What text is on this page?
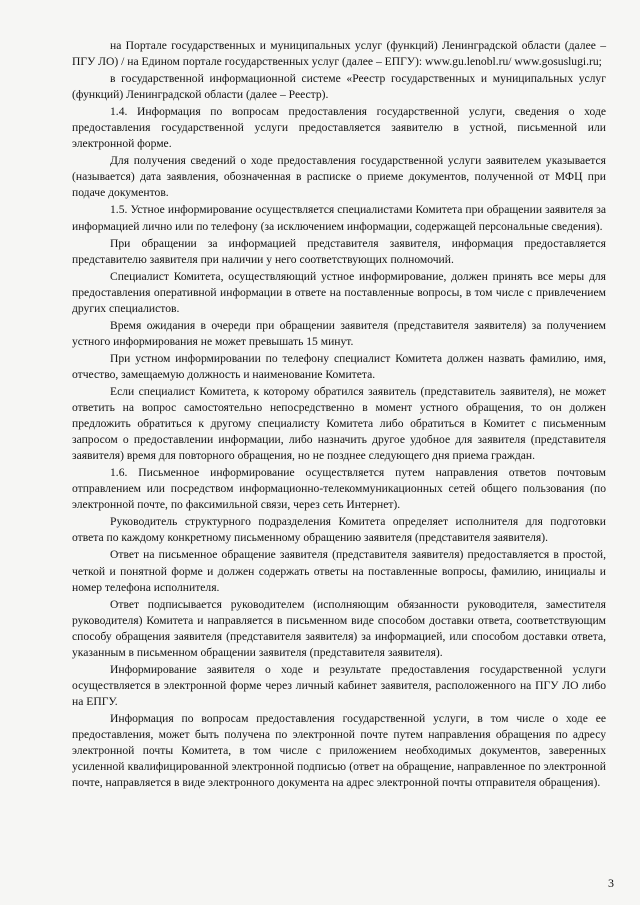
на Порталe государственных и муниципальных услуг (функций) Ленинградской области (далее – ПГУ ЛО) / на Едином портале государственных услуг (далее – ЕПГУ): www.gu.lenobl.ru/ www.gosuslugi.ru;

в государственной информационной системе «Реестр государственных и муниципальных услуг (функций) Ленинградской области (далее – Реестр).

1.4. Информация по вопросам предоставления государственной услуги, сведения о ходе предоставления государственной услуги предоставляется заявителю в устной, письменной или электронной форме.

Для получения сведений о ходе предоставления государственной услуги заявителем указывается (называется) дата заявления, обозначенная в расписке о приеме документов, полученной от МФЦ при подаче документов.

1.5. Устное информирование осуществляется специалистами Комитета при обращении заявителя за информацией лично или по телефону (за исключением информации, содержащей персональные сведения).

При обращении за информацией представителя заявителя, информация предоставляется представителю заявителя при наличии у него соответствующих полномочий.

Специалист Комитета, осуществляющий устное информирование, должен принять все меры для предоставления оперативной информации в ответе на поставленные вопросы, в том числе с привлечением других специалистов.

Время ожидания в очереди при обращении заявителя (представителя заявителя) за получением устного информирования не может превышать 15 минут.

При устном информировании по телефону специалист Комитета должен назвать фамилию, имя, отчество, замещаемую должность и наименование Комитета.

Если специалист Комитета, к которому обратился заявитель (представитель заявителя), не может ответить на вопрос самостоятельно непосредственно в момент устного обращения, то он должен предложить обратиться к другому специалисту Комитета либо обратиться в Комитет с письменным запросом о предоставлении информации, либо назначить другое удобное для заявителя (представителя заявителя) время для повторного обращения, но не позднее следующего дня приема граждан.

1.6. Письменное информирование осуществляется путем направления ответов почтовым отправлением или посредством информационно-телекоммуникационных сетей общего пользования (по электронной почте, по факсимильной связи, через сеть Интернет).

Руководитель структурного подразделения Комитета определяет исполнителя для подготовки ответа по каждому конкретному письменному обращению заявителя (представителя заявителя).

Ответ на письменное обращение заявителя (представителя заявителя) предоставляется в простой, четкой и понятной форме и должен содержать ответы на поставленные вопросы, фамилию, инициалы и номер телефона исполнителя.

Ответ подписывается руководителем (исполняющим обязанности руководителя, заместителя руководителя) Комитета и направляется в письменном виде способом доставки ответа, соответствующим способу обращения заявителя (представителя заявителя) за информацией, или способом доставки ответа, указанным в письменном обращении заявителя (представителя заявителя).

Информирование заявителя о ходе и результате предоставления государственной услуги осуществляется в электронной форме через личный кабинет заявителя, расположенного на ПГУ ЛО либо на ЕПГУ.

Информация по вопросам предоставления государственной услуги, в том числе о ходе ее предоставления, может быть получена по электронной почте путем направления обращения по адресу электронной почты Комитета, в том числе с приложением необходимых документов, заверенных усиленной квалифицированной электронной подписью (ответ на обращение, направленное по электронной почте, направляется в виде электронного документа на адрес электронной почты отправителя обращения).

3
